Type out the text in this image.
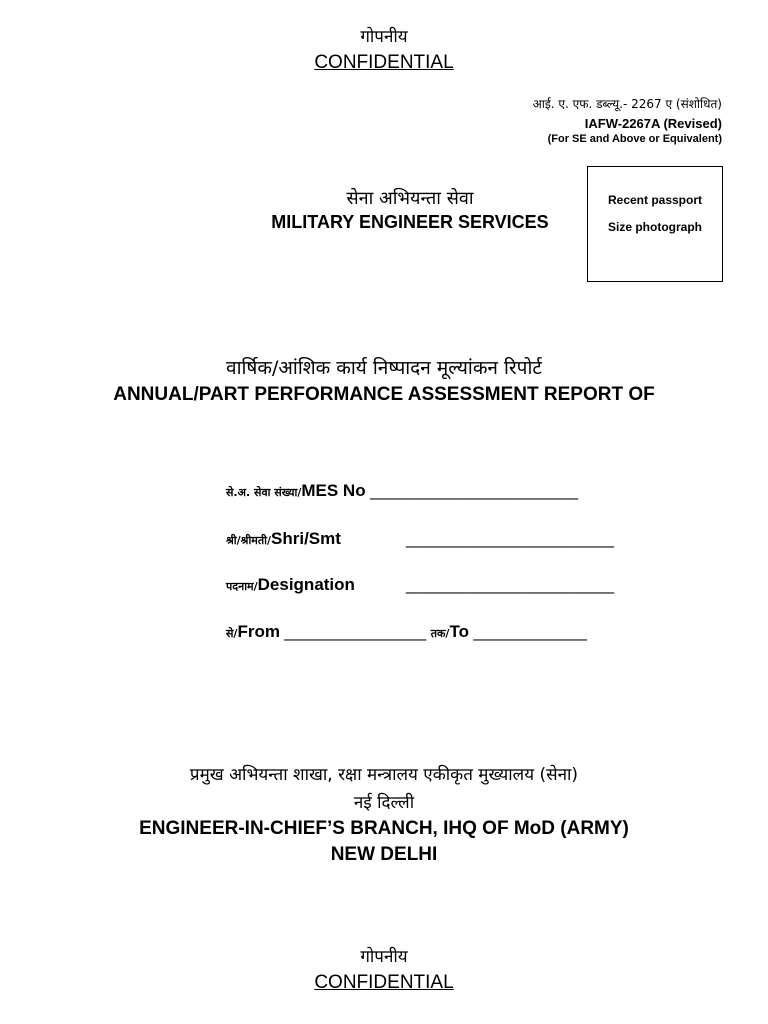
गोपनीय
CONFIDENTIAL
आई. ए. एफ. डब्ल्यू.- 2267 ए (संशोधित)
IAFW-2267A (Revised)
(For SE and Above or Equivalent)
सेना अभियन्ता सेवा
MILITARY ENGINEER SERVICES
Recent passport
Size photograph
वार्षिक/आंशिक कार्य निष्पादन मूल्यांकन रिपोर्ट
ANNUAL/PART PERFORMANCE ASSESSMENT REPORT OF
से.अ. सेवा संख्या/MES No ______________________
श्री/श्रीमती/Shri/Smt	______________________
पदनाम/Designation	______________________
से/From _______________ तक/To ____________
प्रमुख अभियन्ता शाखा, रक्षा मन्त्रालय एकीकृत मुख्यालय (सेना)
नई दिल्ली
ENGINEER-IN-CHIEF’S BRANCH, IHQ OF MoD (ARMY)
NEW DELHI
गोपनीय
CONFIDENTIAL
